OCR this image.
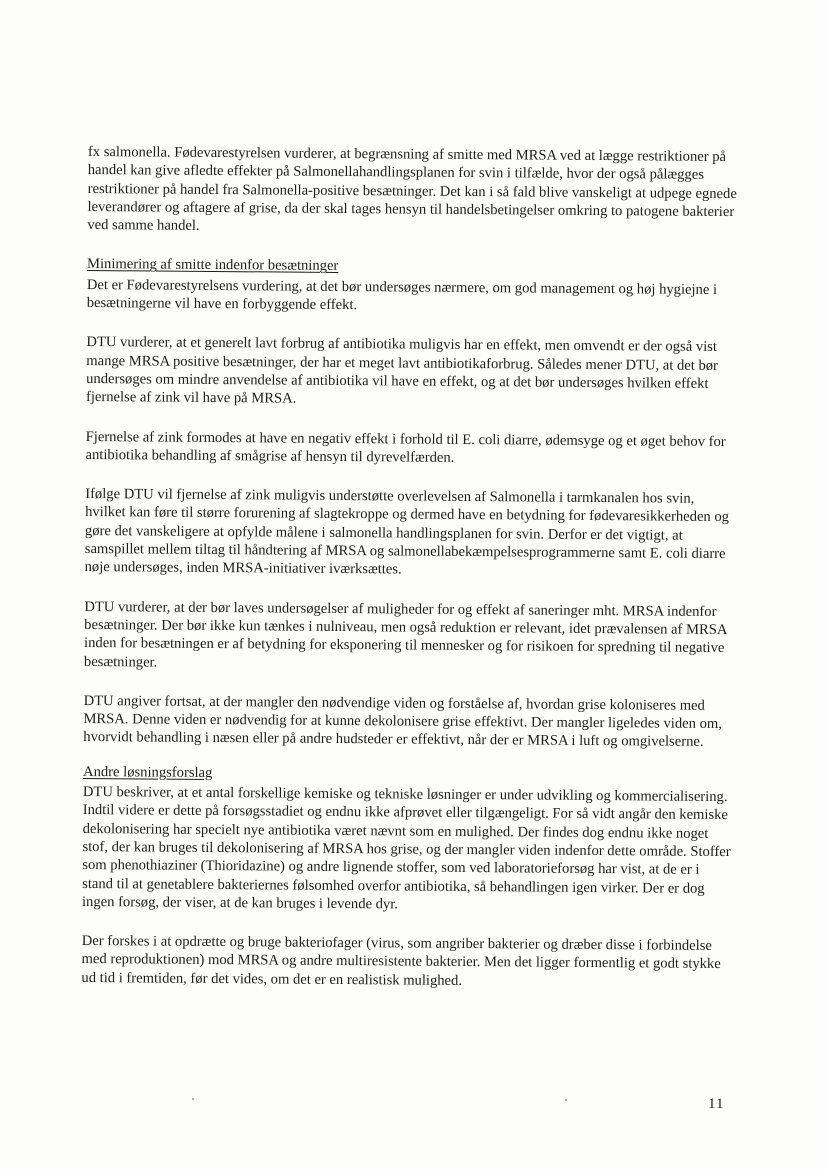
fx salmonella. Fødevarestyrelsen vurderer, at begrænsning af smitte med MRSA ved at lægge restriktioner på handel kan give afledte effekter på Salmonellahandlingsplanen for svin i tilfælde, hvor der også pålægges restriktioner på handel fra Salmonella-positive besætninger. Det kan i så fald blive vanskeligt at udpege egnede leverandører og aftagere af grise, da der skal tages hensyn til handelsbetingelser omkring to patogene bakterier ved samme handel.

Minimering af smitte indenfor besætninger

Det er Fødevarestyrelsens vurdering, at det bør undersøges nærmere, om god management og høj hygiejne i besætningerne vil have en forbyggende effekt.

DTU vurderer, at et generelt lavt forbrug af antibiotika muligvis har en effekt, men omvendt er der også vist mange MRSA positive besætninger, der har et meget lavt antibiotikaforbrug. Således mener DTU, at det bør undersøges om mindre anvendelse af antibiotika vil have en effekt, og at det bør undersøges hvilken effekt fjernelse af zink vil have på MRSA.

Fjernelse af zink formodes at have en negativ effekt i forhold til E. coli diarre, ødemsyge og et øget behov for antibiotika behandling af smågrise af hensyn til dyrevelfærden.

Ifølge DTU vil fjernelse af zink muligvis understøtte overlevelsen af Salmonella i tarmkanalen hos svin, hvilket kan føre til større forurening af slagtekroppe og dermed have en betydning for fødevaresikkerheden og gøre det vanskeligere at opfylde målene i salmonella handlingsplanen for svin. Derfor er det vigtigt, at samspillet mellem tiltag til håndtering af MRSA og salmonellabekæmpelsesprogrammerne samt E. coli diarre nøje undersøges, inden MRSA-initiativer iværksættes.

DTU vurderer, at der bør laves undersøgelser af muligheder for og effekt af saneringer mht. MRSA indenfor besætninger. Der bør ikke kun tænkes i nulniveau, men også reduktion er relevant, idet prævalensen af MRSA inden for besætningen er af betydning for eksponering til mennesker og for risikoen for spredning til negative besætninger.

DTU angiver fortsat, at der mangler den nødvendige viden og forståelse af, hvordan grise koloniseres med MRSA. Denne viden er nødvendig for at kunne dekolonisere grise effektivt. Der mangler ligeledes viden om, hvorvidt behandling i næsen eller på andre hudsteder er effektivt, når der er MRSA i luft og omgivelserne.

Andre løsningsforslag

DTU beskriver, at et antal forskellige kemiske og tekniske løsninger er under udvikling og kommercialisering. Indtil videre er dette på forsøgsstadiet og endnu ikke afprøvet eller tilgængeligt. For så vidt angår den kemiske dekolonisering har specielt nye antibiotika været nævnt som en mulighed. Der findes dog endnu ikke noget stof, der kan bruges til dekolonisering af MRSA hos grise, og der mangler viden indenfor dette område. Stoffer som phenothiaziner (Thioridazine) og andre lignende stoffer, som ved laboratorieforsøg har vist, at de er i stand til at genetablere bakteriernes følsomhed overfor antibiotika, så behandlingen igen virker. Der er dog ingen forsøg, der viser, at de kan bruges i levende dyr.

Der forskes i at opdrætte og bruge bakteriofager (virus, som angriber bakterier og dræber disse i forbindelse med reproduktionen) mod MRSA og andre multiresistente bakterier. Men det ligger formentlig et godt stykke ud tid i fremtiden, før det vides, om det er en realistisk mulighed.

11
